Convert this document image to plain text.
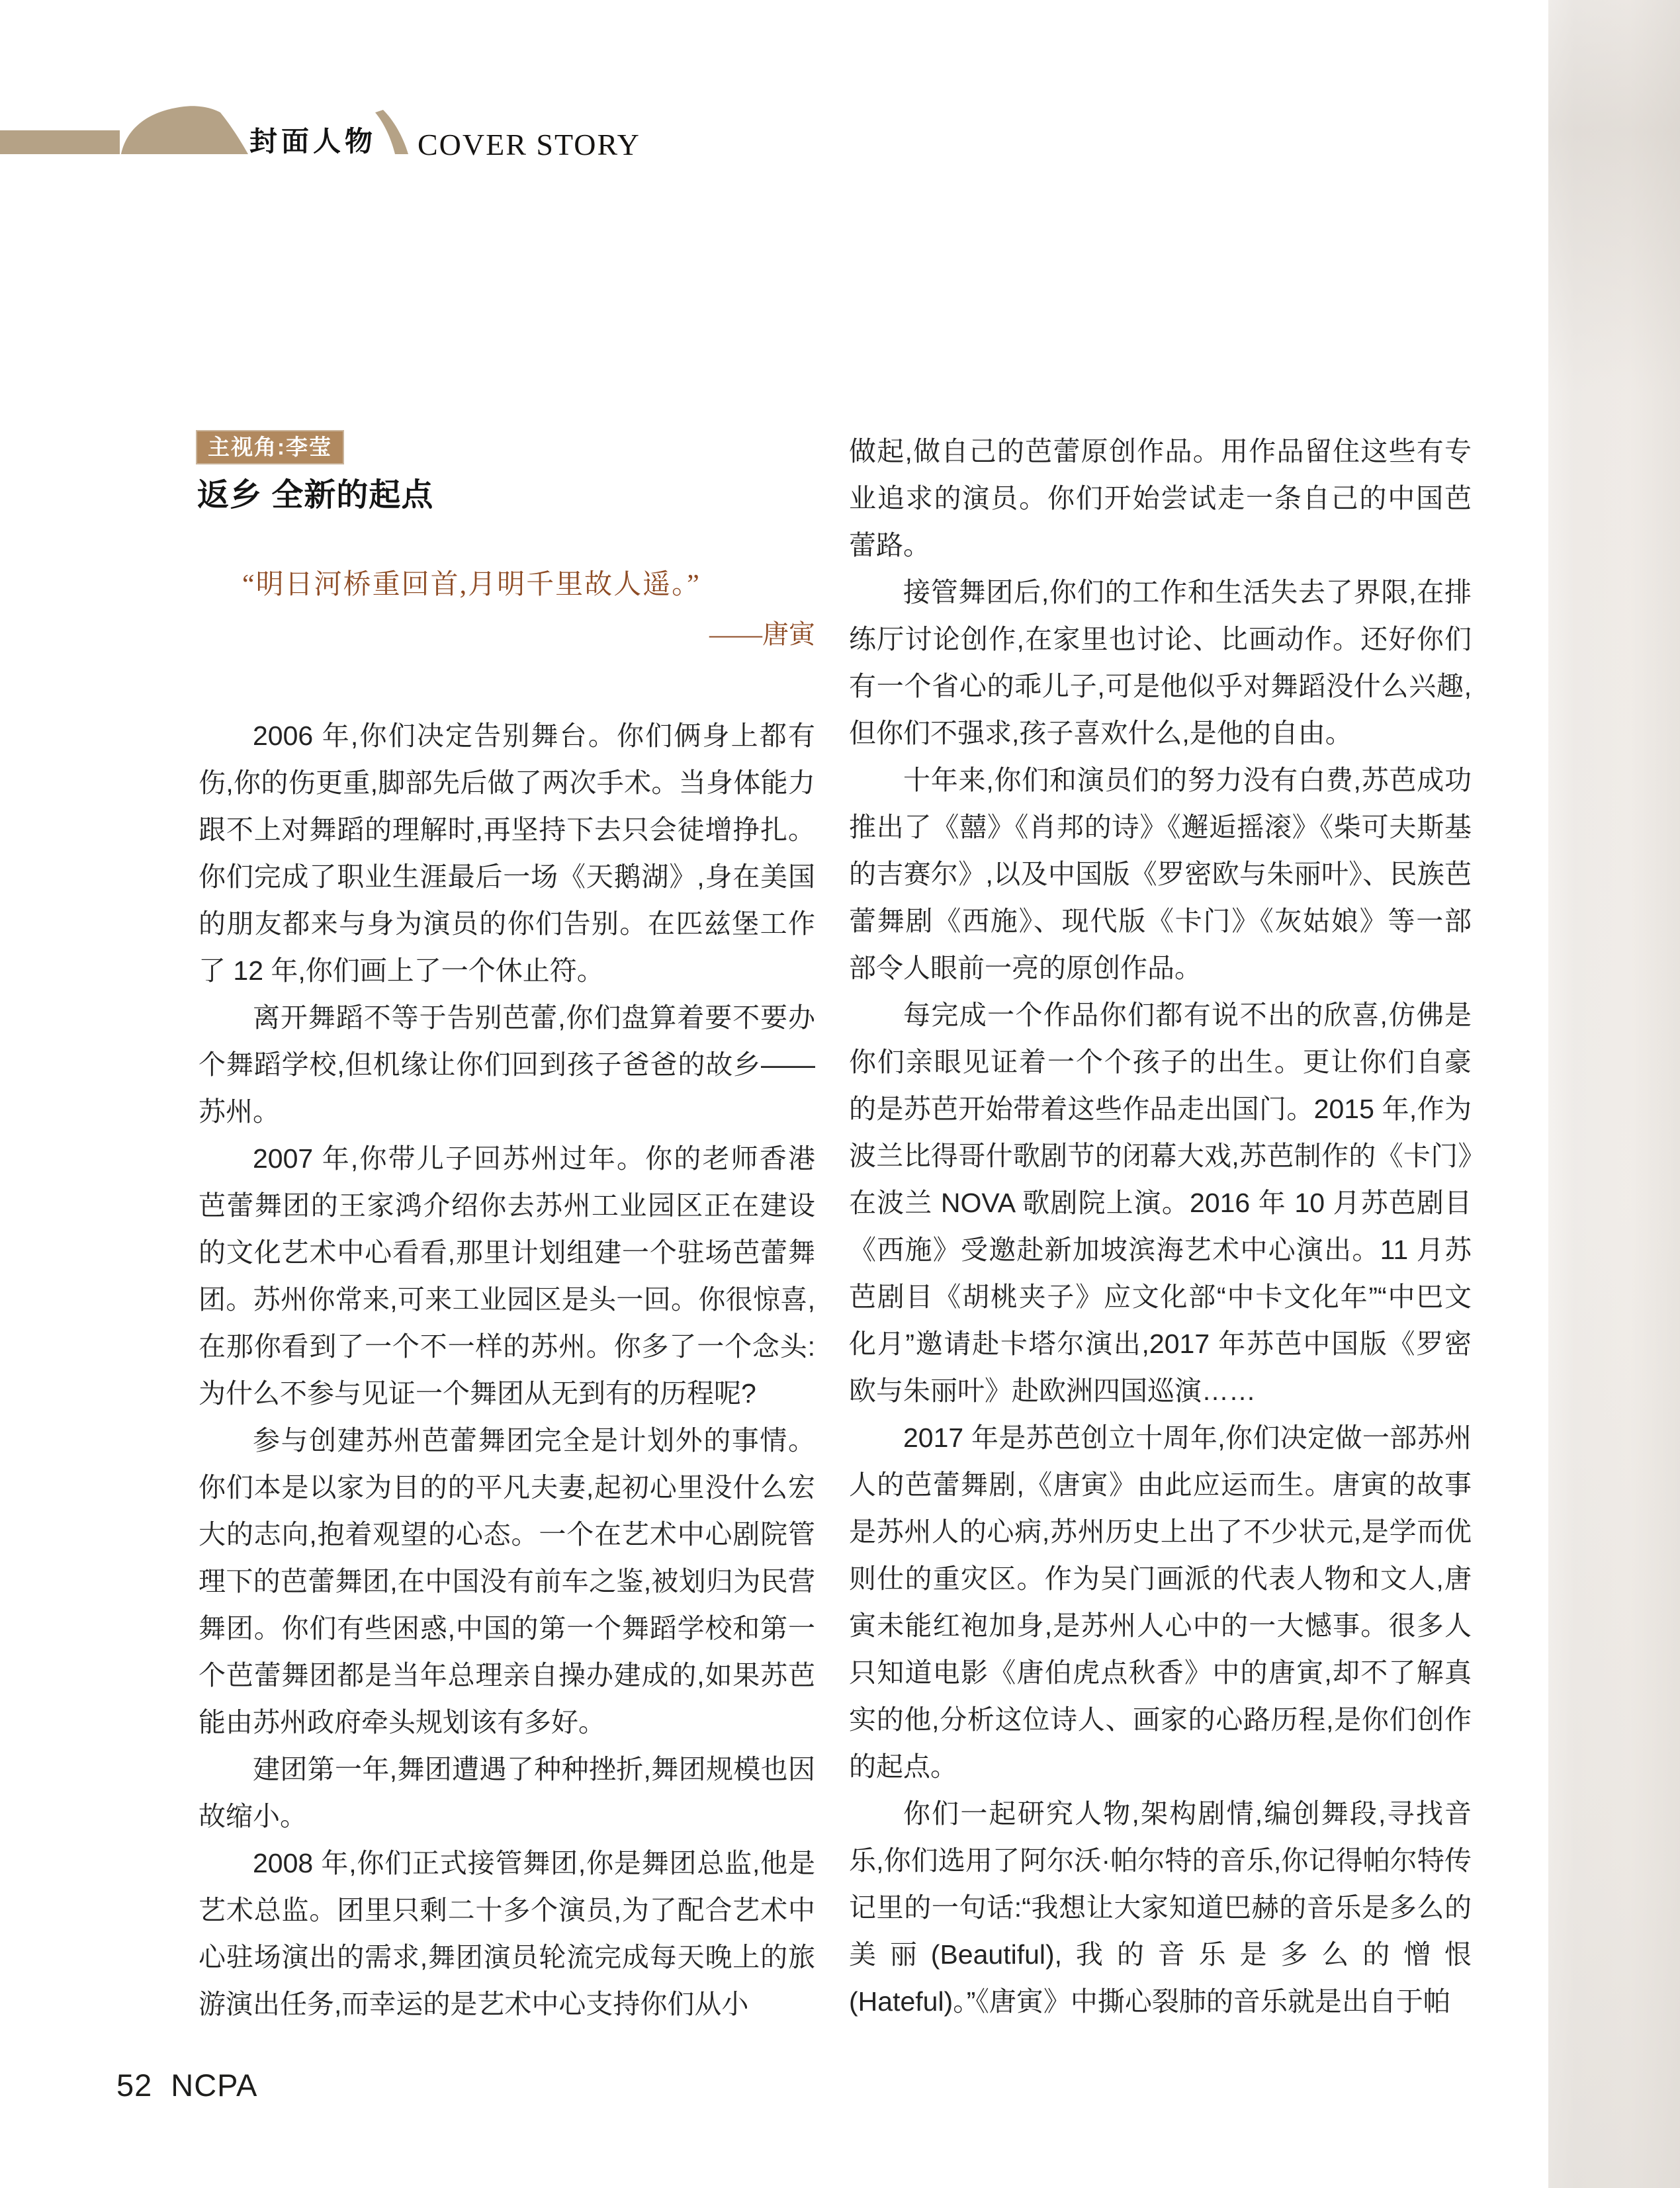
封面人物 COVER STORY
主视角:李莹
返乡 全新的起点
“明日河桥重回首,月明千里故人遥。”
——唐寅

2006 年,你们决定告别舞台。你们俩身上都有伤,你的伤更重,脚部先后做了两次手术。当身体能力跟不上对舞蹈的理解时,再坚持下去只会徒增挣扎。你们完成了职业生涯最后一场《天鹅湖》,身在美国的朋友都来与身为演员的你们告别。在匹兹堡工作了 12 年,你们画上了一个休止符。

离开舞蹈不等于告别芭蕾,你们盘算着要不要办个舞蹈学校,但机缘让你们回到孩子爸爸的故乡——苏州。

2007 年,你带儿子回苏州过年。你的老师香港芭蕾舞团的王家鸿介绍你去苏州工业园区正在建设的文化艺术中心看看,那里计划组建一个驻场芭蕾舞团。苏州你常来,可来工业园区是头一回。你很惊喜,在那你看到了一个不一样的苏州。你多了一个念头:为什么不参与见证一个舞团从无到有的历程呢?

参与创建苏州芭蕾舞团完全是计划外的事情。你们本是以家为目的的平凡夫妻,起初心里没什么宏大的志向,抱着观望的心态。一个在艺术中心剧院管理下的芭蕾舞团,在中国没有前车之鉴,被划归为民营舞团。你们有些困惑,中国的第一个舞蹈学校和第一个芭蕾舞团都是当年总理亲自操办建成的,如果苏芭能由苏州政府牵头规划该有多好。

建团第一年,舞团遭遇了种种挫折,舞团规模也因故缩小。

2008 年,你们正式接管舞团,你是舞团总监,他是艺术总监。团里只剩二十多个演员,为了配合艺术中心驻场演出的需求,舞团演员轮流完成每天晚上的旅游演出任务,而幸运的是艺术中心支持你们从小

做起,做自己的芭蕾原创作品。用作品留住这些有专业追求的演员。你们开始尝试走一条自己的中国芭蕾路。

接管舞团后,你们的工作和生活失去了界限,在排练厅讨论创作,在家里也讨论、比画动作。还好你们有一个省心的乖儿子,可是他似乎对舞蹈没什么兴趣,但你们不强求,孩子喜欢什么,是他的自由。

十年来,你们和演员们的努力没有白费,苏芭成功推出了《囍》《肖邦的诗》《邂逅摇滚》《柴可夫斯基的吉赛尔》,以及中国版《罗密欧与朱丽叶》、民族芭蕾舞剧《西施》、现代版《卡门》《灰姑娘》等一部部令人眼前一亮的原创作品。

每完成一个作品你们都有说不出的欣喜,仿佛是你们亲眼见证着一个个孩子的出生。更让你们自豪的是苏芭开始带着这些作品走出国门。2015 年,作为波兰比得哥什歌剧节的闭幕大戏,苏芭制作的《卡门》在波兰 NOVA 歌剧院上演。2016 年 10 月苏芭剧目《西施》受邀赴新加坡滨海艺术中心演出。11 月苏芭剧目《胡桃夹子》应文化部“中卡文化年”“中巴文化月”邀请赴卡塔尔演出,2017 年苏芭中国版《罗密欧与朱丽叶》赴欧洲四国巡演……

2017 年是苏芭创立十周年,你们决定做一部苏州人的芭蕾舞剧,《唐寅》由此应运而生。唐寅的故事是苏州人的心病,苏州历史上出了不少状元,是学而优则仕的重灾区。作为吴门画派的代表人物和文人,唐寅未能红袍加身,是苏州人心中的一大憾事。很多人只知道电影《唐伯虎点秋香》中的唐寅,却不了解真实的他,分析这位诗人、画家的心路历程,是你们创作的起点。

你们一起研究人物,架构剧情,编创舞段,寻找音乐,你们选用了阿尔沃·帕尔特的音乐,你记得帕尔特传记里的一句话:“我想让大家知道巴赫的音乐是多么的美丽(Beautiful),我的音乐是多么的憎恨(Hateful)。”《唐寅》中撕心裂肺的音乐就是出自于帕

52 NCPA
